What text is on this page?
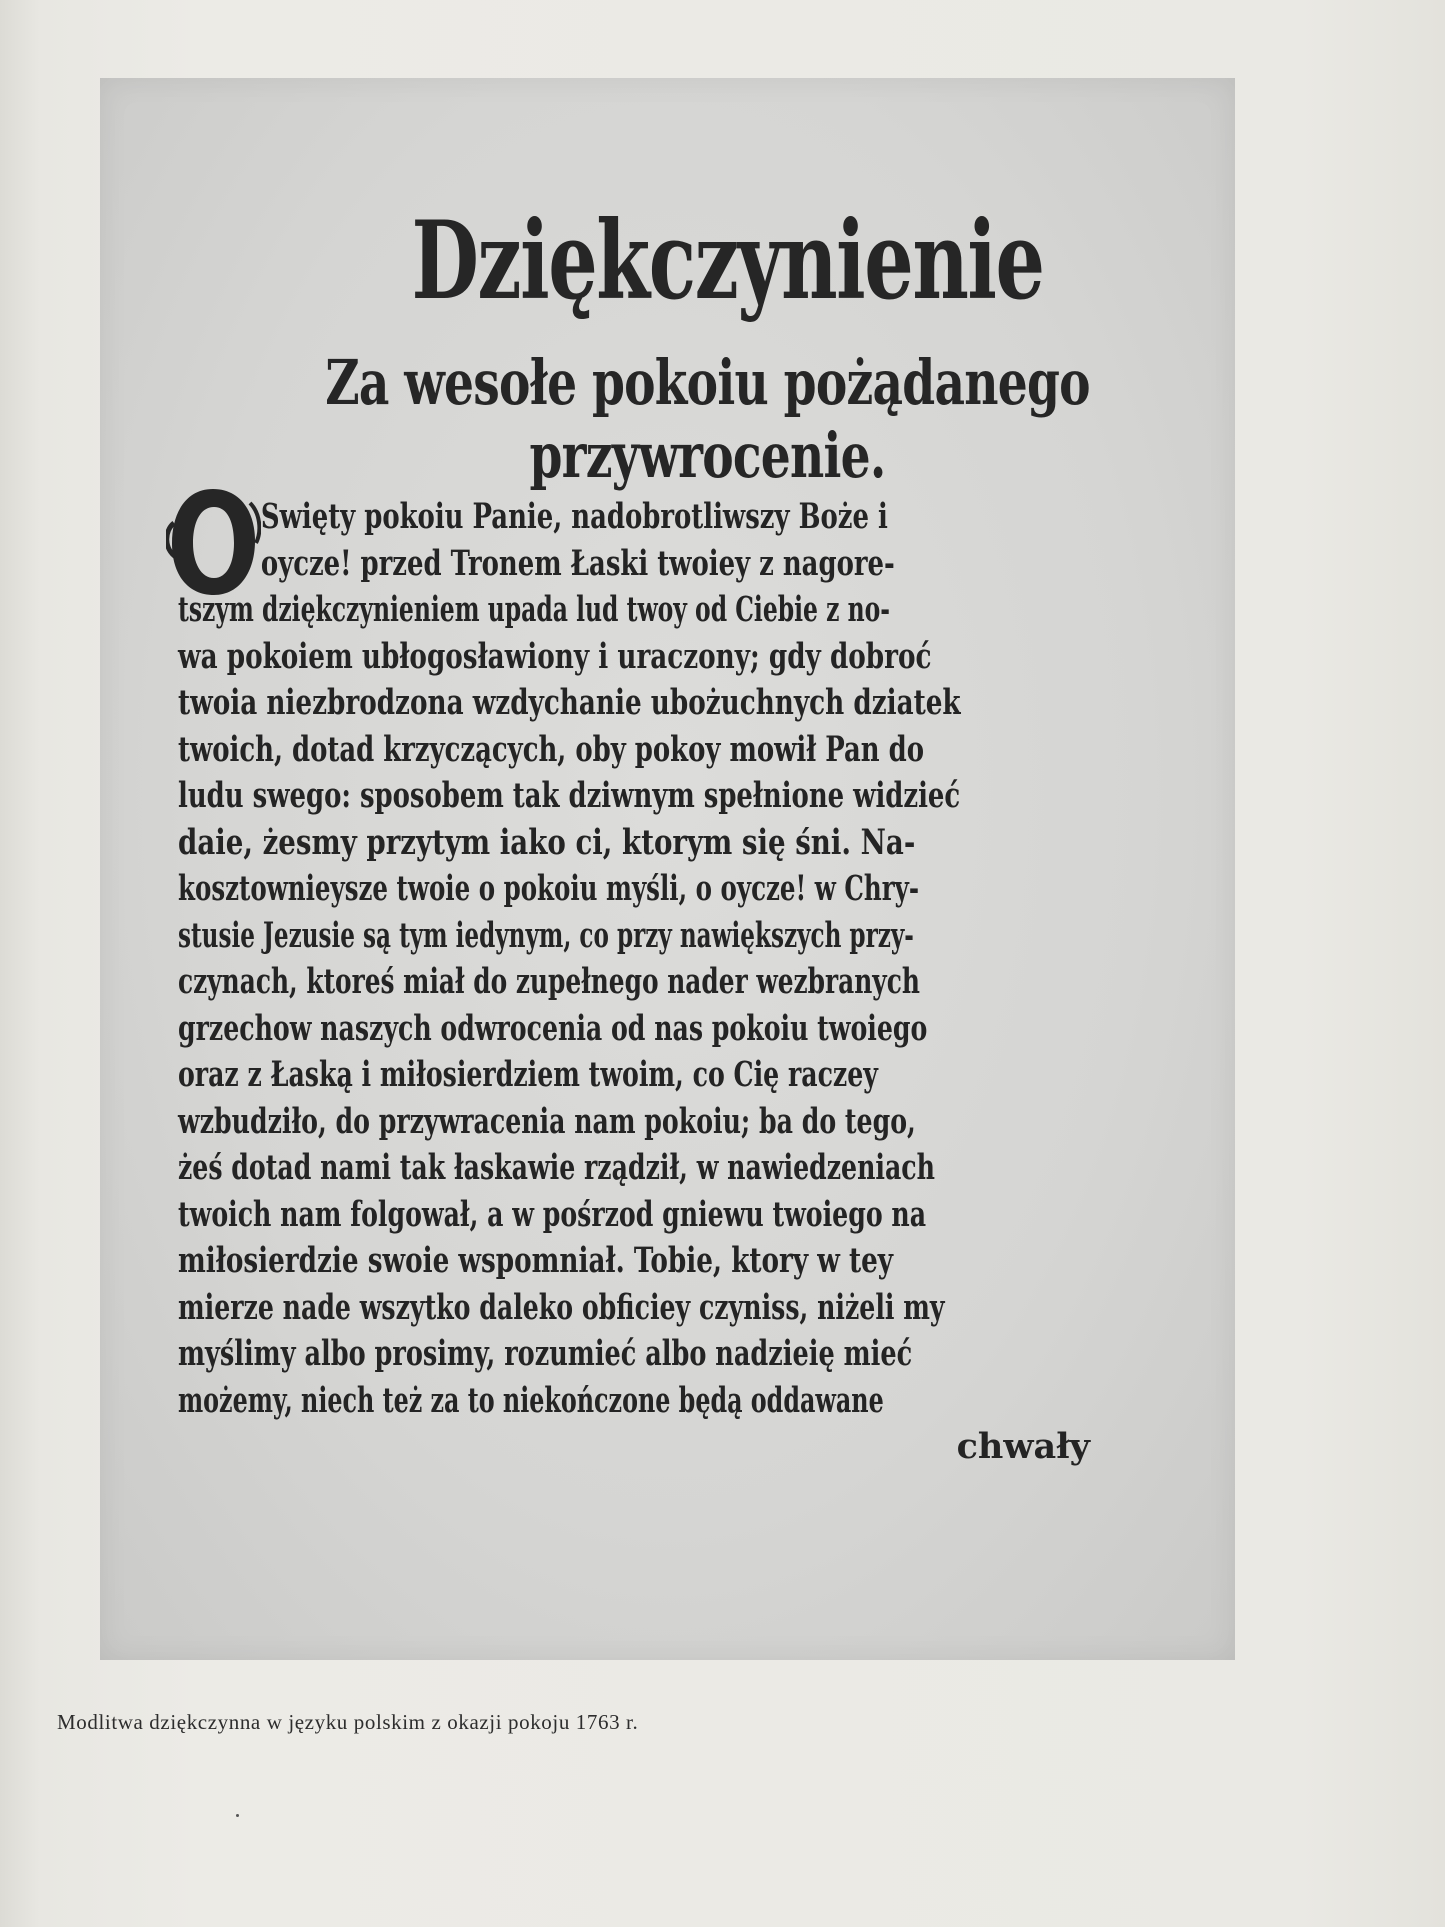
Dziękczynienie
Za wesołe pokoiu pożądanego przywrocenie.
Swięty pokoiu Panie, nadobrotliwszy Boże i
oycze! przed Tronem Łaski twoiey z nagore-
tszym dziękczynieniem upada lud twoy od Ciebie z no-
wa pokoiem ubłogosławiony i uraczony; gdy dobroć
twoia niezbrodzona wzdychanie ubożuchnych dziatek
twoich, dotad krzyczących, oby pokoy mowił Pan do
ludu swego: sposobem tak dziwnym spełnione widzieć
daie, żesmy przytym iako ci, ktorym się śni. Na-
kosztownieysze twoie o pokoiu myśli, o oycze! w Chry-
stusie Jezusie są tym iedynym, co przy nawiększych przy-
czynach, ktoreś miał do zupełnego nader wezbranych
grzechow naszych odwrocenia od nas pokoiu twoiego
oraz z Łaską i miłosierdziem twoim, co Cię raczey
wzbudziło, do przywracenia nam pokoiu; ba do tego,
żeś dotad nami tak łaskawie rządził, w nawiedzeniach
twoich nam folgował, a w pośrzod gniewu twoiego na
miłosierdzie swoie wspomniał. Tobie, ktory w tey
mierze nade wszytko daleko obficiey czyniss, niżeli my
myślimy albo prosimy, rozumieć albo nadzieię mieć
możemy, niech też za to niekończone będą oddawane
chwały
Modlitwa dziękczynna w języku polskim z okazji pokoju 1763 r.
